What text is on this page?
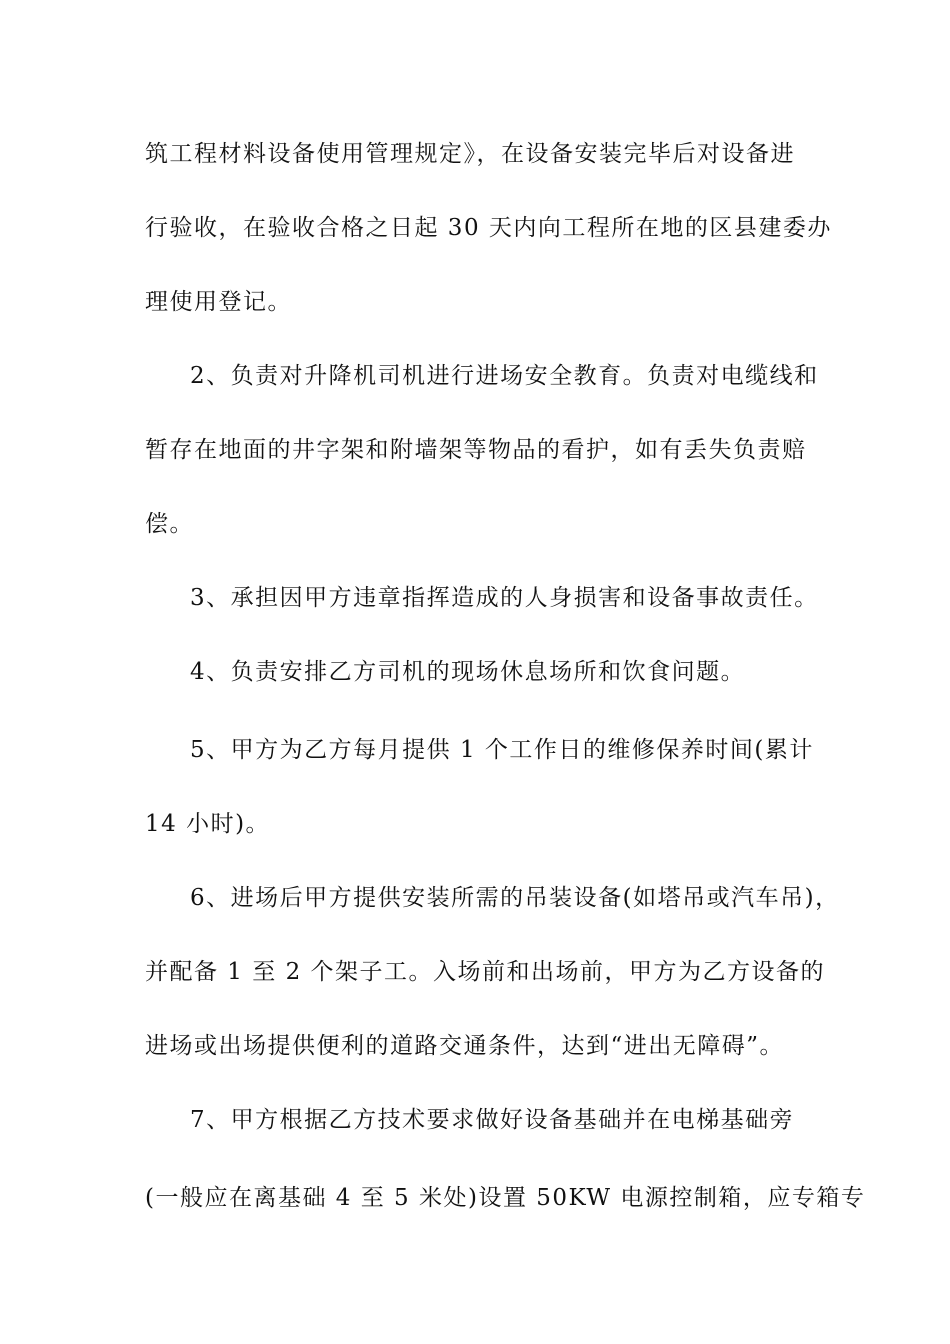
筑工程材料设备使用管理规定》，在设备安装完毕后对设备进
行验收，在验收合格之日起 30 天内向工程所在地的区县建委办
理使用登记。
2、负责对升降机司机进行进场安全教育。负责对电缆线和
暂存在地面的井字架和附墙架等物品的看护，如有丢失负责赔
偿。
3、承担因甲方违章指挥造成的人身损害和设备事故责任。
4、负责安排乙方司机的现场休息场所和饮食问题。
5、甲方为乙方每月提供 1 个工作日的维修保养时间(累计
14 小时)。
6、进场后甲方提供安装所需的吊装设备(如塔吊或汽车吊)，
并配备 1 至 2 个架子工。入场前和出场前，甲方为乙方设备的
进场或出场提供便利的道路交通条件，达到“进出无障碍”。
7、甲方根据乙方技术要求做好设备基础并在电梯基础旁
(一般应在离基础 4 至 5 米处)设置 50KW 电源控制箱，应专箱专
